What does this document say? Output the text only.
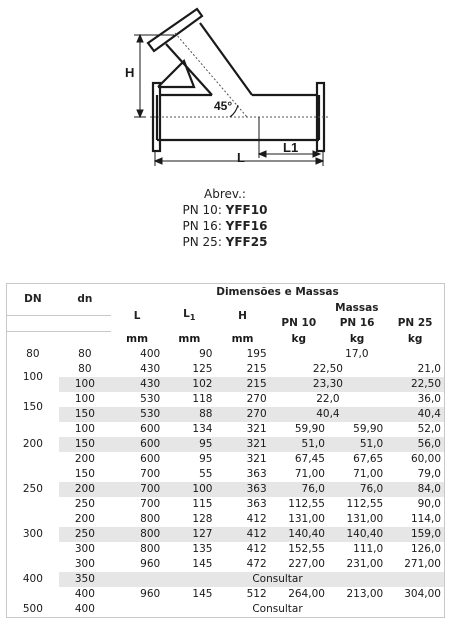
H
L
L1
45°
Abrev.:
PN 10: YFF10
PN 16: YFF16
PN 25: YFF25
DN	dn	Dimensões e Massas					
		L	$L_1$	H	Massas		
					PN 10	PN 16	PN 25
		mm	mm	mm	kg	kg	kg
80	80	400	90	195	17,0		
100	80	430	125	215	22,50		21,0
	100	430	102	215	23,30		22,50
150	100	530	118	270	22,0		36,0
	150	530	88	270	40,4		40,4
200	100	600	134	321	59,90	59,90	52,0
	150	600	95	321	51,0	51,0	56,0
	200	600	95	321	67,45	67,65	60,00
250	150	700	55	363	71,00	71,00	79,0
	200	700	100	363	76,0	76,0	84,0
	250	700	115	363	112,55	112,55	90,0
300	200	800	128	412	131,00	131,00	114,0
	250	800	127	412	140,40	140,40	159,0
	300	800	135	412	152,55	111,0	126,0
400	300	960	145	472	227,00	231,00	271,00
	350	Consultar					
	400	960	145	512	264,00	213,00	304,00
500	400	Consultar					
